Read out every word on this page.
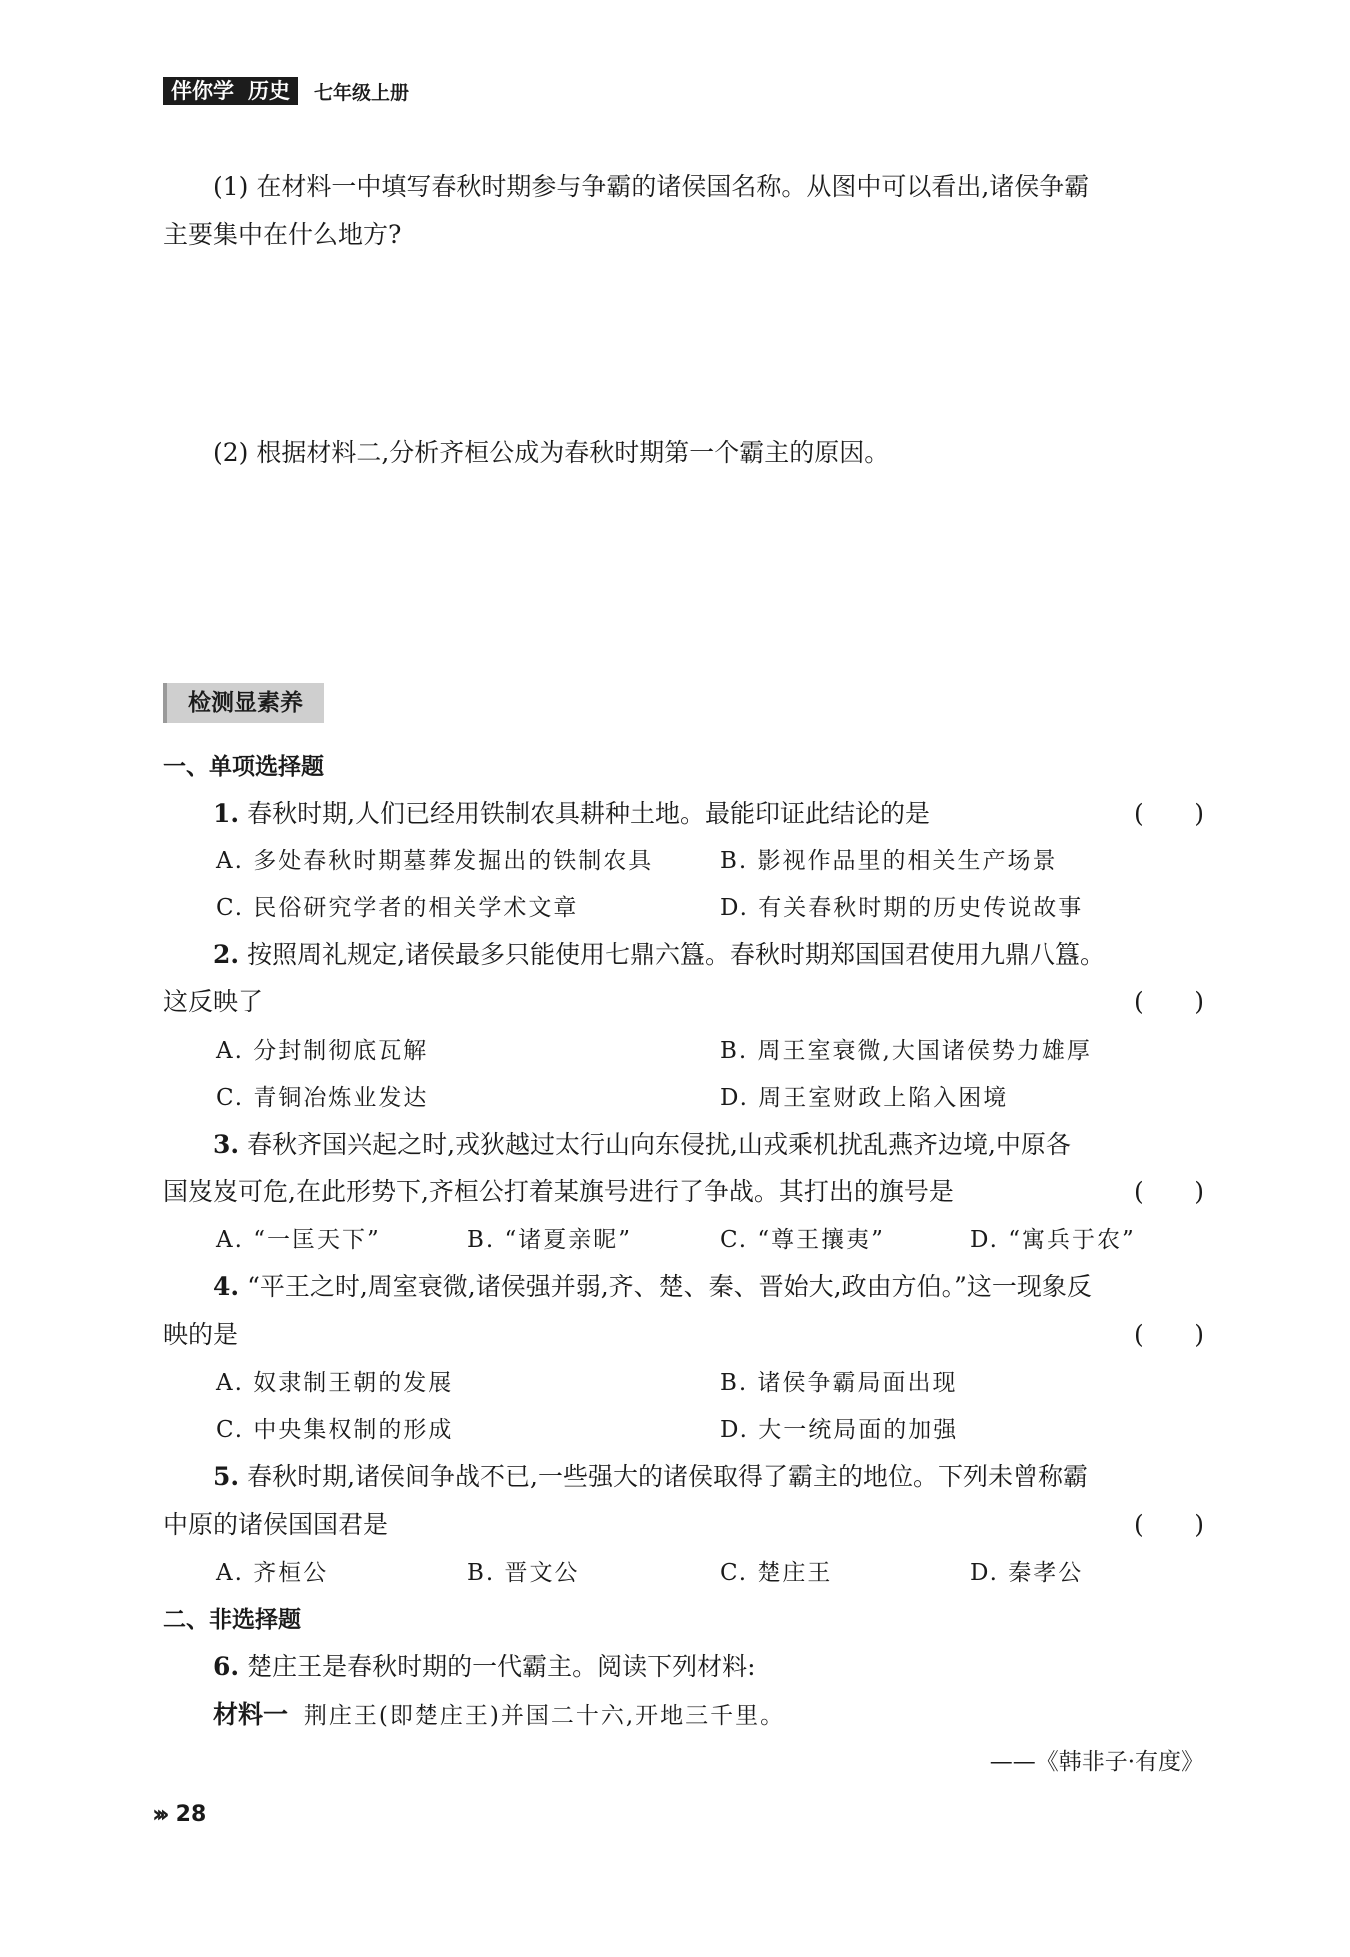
伴你学 历史 七年级上册
(1) 在材料一中填写春秋时期参与争霸的诸侯国名称。从图中可以看出,诸侯争霸
主要集中在什么地方?
(2) 根据材料二,分析齐桓公成为春秋时期第一个霸主的原因。
检测显素养
一、单项选择题
1. 春秋时期,人们已经用铁制农具耕种土地。最能印证此结论的是	( )
A. 多处春秋时期墓葬发掘出的铁制农具	B. 影视作品里的相关生产场景
C. 民俗研究学者的相关学术文章	D. 有关春秋时期的历史传说故事
2. 按照周礼规定,诸侯最多只能使用七鼎六簋。春秋时期郑国国君使用九鼎八簋。
这反映了	( )
A. 分封制彻底瓦解	B. 周王室衰微,大国诸侯势力雄厚
C. 青铜冶炼业发达	D. 周王室财政上陷入困境
3. 春秋齐国兴起之时,戎狄越过太行山向东侵扰,山戎乘机扰乱燕齐边境,中原各
国岌岌可危,在此形势下,齐桓公打着某旗号进行了争战。其打出的旗号是	( )
A. “一匡天下”	B. “诸夏亲昵”	C. “尊王攘夷”	D. “寓兵于农”
4. “平王之时,周室衰微,诸侯强并弱,齐、楚、秦、晋始大,政由方伯。”这一现象反
映的是	( )
A. 奴隶制王朝的发展	B. 诸侯争霸局面出现
C. 中央集权制的形成	D. 大一统局面的加强
5. 春秋时期,诸侯间争战不已,一些强大的诸侯取得了霸主的地位。下列未曾称霸
中原的诸侯国国君是	( )
A. 齐桓公	B. 晋文公	C. 楚庄王	D. 秦孝公
二、非选择题
6. 楚庄王是春秋时期的一代霸主。阅读下列材料:
材料一 荆庄王(即楚庄王)并国二十六,开地三千里。
——《韩非子·有度》
››› 28
